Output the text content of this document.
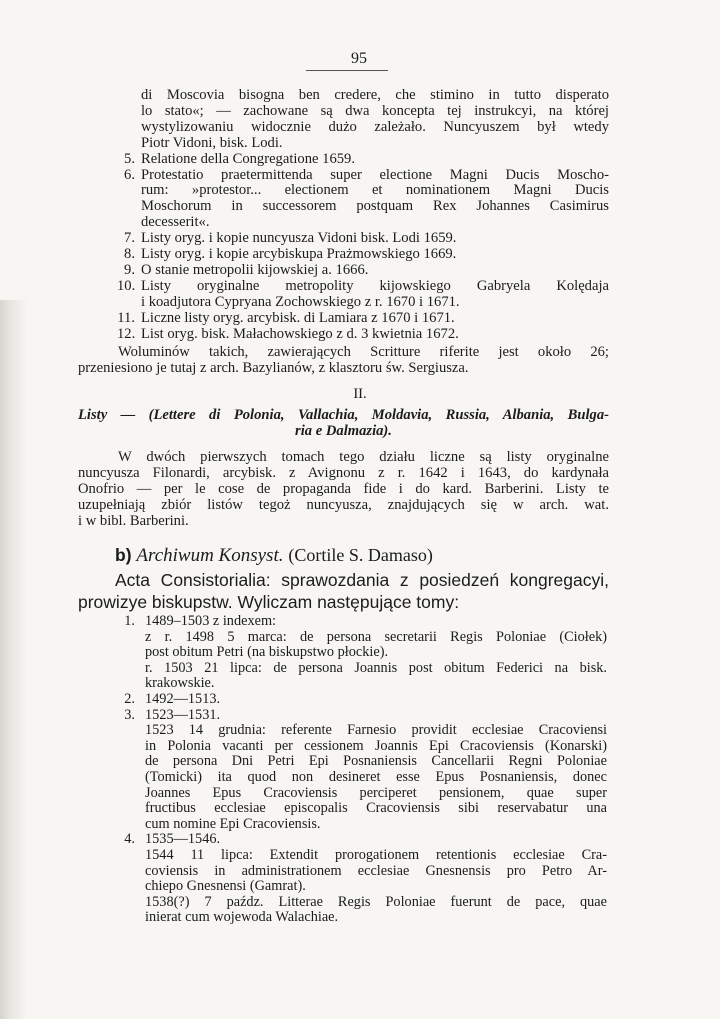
95
di Moscovia bisogna ben credere, che stimino in tutto disperato
lo stato«; — zachowane są dwa koncepta tej instrukcyi, na której
wystylizowaniu widocznie dużo zależało. Nuncyuszem był wtedy
Piotr Vidoni, bisk. Lodi.
5. Relatione della Congregatione 1659.
6. Protestatio praetermittenda super electione Magni Ducis Moscho-
rum: »protestor... electionem et nominationem Magni Ducis
Moschorum in successorem postquam Rex Johannes Casimirus
decesserit«.
7. Listy oryg. i kopie nuncyusza Vidoni bisk. Lodi 1659.
8. Listy oryg. i kopie arcybiskupa Prażmowskiego 1669.
9. O stanie metropolii kijowskiej a. 1666.
10. Listy oryginalne metropolity kijowskiego Gabryela Kolędaja
i koadjutora Cypryana Zochowskiego z r. 1670 i 1671.
11. Liczne listy oryg. arcybisk. di Lamiara z 1670 i 1671.
12. List oryg. bisk. Małachowskiego z d. 3 kwietnia 1672.
Woluminów takich, zawierających Scritture riferite jest około 26;
przeniesiono je tutaj z arch. Bazylianów, z klasztoru św. Sergiusza.
II.
Listy — (Lettere di Polonia, Vallachia, Moldavia, Russia, Albania, Bulga-
ria e Dalmazia).
W dwóch pierwszych tomach tego działu liczne są listy oryginalne
nuncyusza Filonardi, arcybisk. z Avignonu z r. 1642 i 1643, do kardynała
Onofrio — per le cose de propaganda fide i do kard. Barberini. Listy te
uzupełniają zbiór listów tegoż nuncyusza, znajdujących się w arch. wat.
i w bibl. Barberini.
b) Archiwum Konsyst. (Cortile S. Damaso)
Acta Consistorialia: sprawozdania z posiedzeń kongregacyi,
prowizye biskupstw. Wyliczam następujące tomy:
1. 1489–1503 z indexem:
z r. 1498 5 marca: de persona secretarii Regis Poloniae (Ciołek)
post obitum Petri (na biskupstwo płockie).
r. 1503 21 lipca: de persona Joannis post obitum Federici na bisk.
krakowskie.
2. 1492—1513.
3. 1523—1531.
1523 14 grudnia: referente Farnesio providit ecclesiae Cracoviensi
in Polonia vacanti per cessionem Joannis Epi Cracoviensis (Konarski)
de persona Dni Petri Epi Posnaniensis Cancellarii Regni Poloniae
(Tomicki) ita quod non desineret esse Epus Posnaniensis, donec
Joannes Epus Cracoviensis perciperet pensionem, quae super
fructibus ecclesiae episcopalis Cracoviensis sibi reservabatur una
cum nomine Epi Cracoviensis.
4. 1535—1546.
1544 11 lipca: Extendit prorogationem retentionis ecclesiae Cra-
coviensis in administrationem ecclesiae Gnesnensis pro Petro Ar-
chiepo Gnesnensi (Gamrat).
1538(?) 7 paźdz. Litterae Regis Poloniae fuerunt de pace, quae
inierat cum wojewoda Walachiae.
